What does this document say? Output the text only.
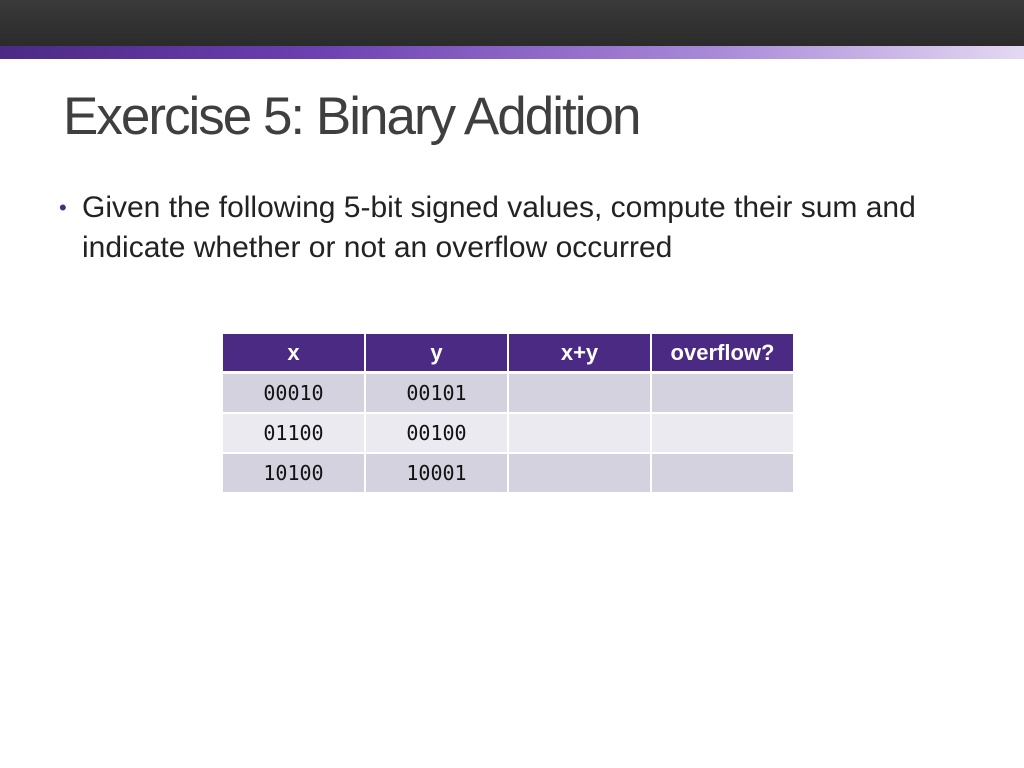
Exercise 5: Binary Addition
• Given the following 5-bit signed values, compute their sum and indicate whether or not an overflow occurred
x	y	x+y	overflow?
00010	00101		
01100	00100		
10100	10001		
